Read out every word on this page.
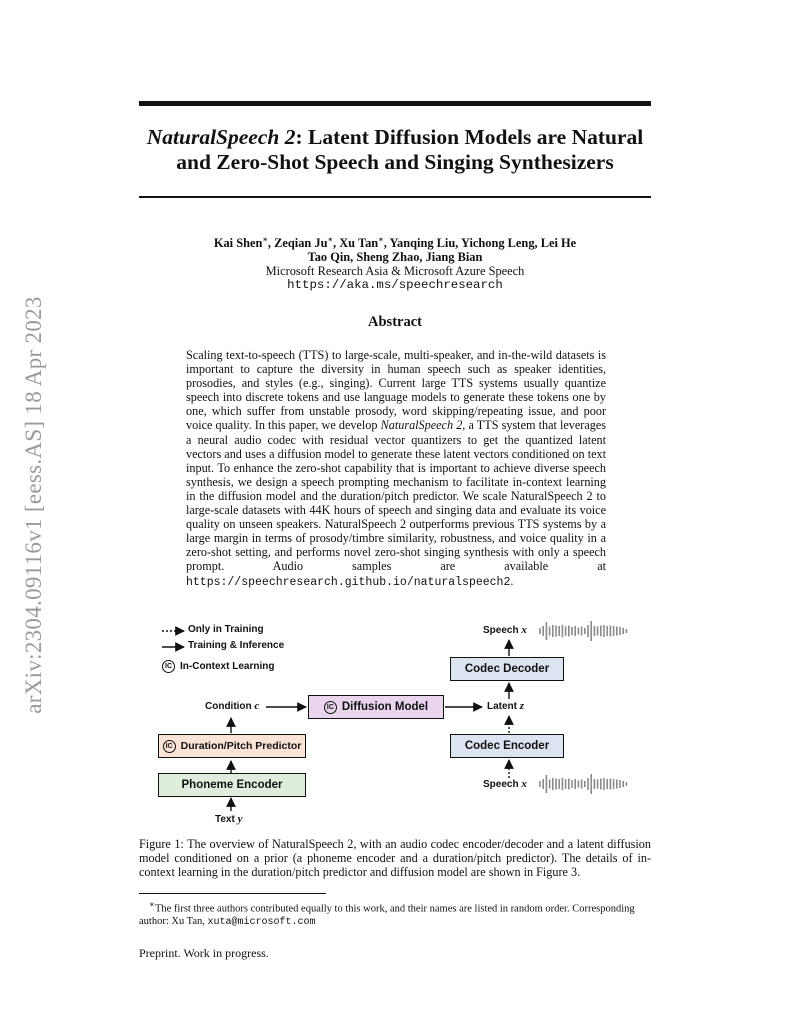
arXiv:2304.09116v1 [eess.AS] 18 Apr 2023
NaturalSpeech 2: Latent Diffusion Models are Natural
and Zero-Shot Speech and Singing Synthesizers
Kai Shen∗, Zeqian Ju∗, Xu Tan∗, Yanqing Liu, Yichong Leng, Lei He
Tao Qin, Sheng Zhao, Jiang Bian
Microsoft Research Asia & Microsoft Azure Speech
https://aka.ms/speechresearch
Abstract
Scaling text-to-speech (TTS) to large-scale, multi-speaker, and in-the-wild datasets is important to capture the diversity in human speech such as speaker identities, prosodies, and styles (e.g., singing). Current large TTS systems usually quantize speech into discrete tokens and use language models to generate these tokens one by one, which suffer from unstable prosody, word skipping/repeating issue, and poor voice quality. In this paper, we develop NaturalSpeech 2, a TTS system that leverages a neural audio codec with residual vector quantizers to get the quantized latent vectors and uses a diffusion model to generate these latent vectors conditioned on text input. To enhance the zero-shot capability that is important to achieve diverse speech synthesis, we design a speech prompting mechanism to facilitate in-context learning in the diffusion model and the duration/pitch predictor. We scale NaturalSpeech 2 to large-scale datasets with 44K hours of speech and singing data and evaluate its voice quality on unseen speakers. NaturalSpeech 2 outperforms previous TTS systems by a large margin in terms of prosody/timbre similarity, robustness, and voice quality in a zero-shot setting, and performs novel zero-shot singing synthesis with only a speech prompt. Audio samples are available at https://speechresearch.github.io/naturalspeech2.
Only in Training
Training & Inference
IC In-Context Learning
Speech x
Condition c	Latent z
Speech x
Text y
Codec Decoder
IC Diffusion Model
IC Duration/Pitch Predictor	Codec Encoder
Phoneme Encoder
Figure 1: The overview of NaturalSpeech 2, with an audio codec encoder/decoder and a latent diffusion model conditioned on a prior (a phoneme encoder and a duration/pitch predictor). The details of in-context learning in the duration/pitch predictor and diffusion model are shown in Figure 3.
∗The first three authors contributed equally to this work, and their names are listed in random order. Corresponding author: Xu Tan, xuta@microsoft.com
Preprint. Work in progress.
